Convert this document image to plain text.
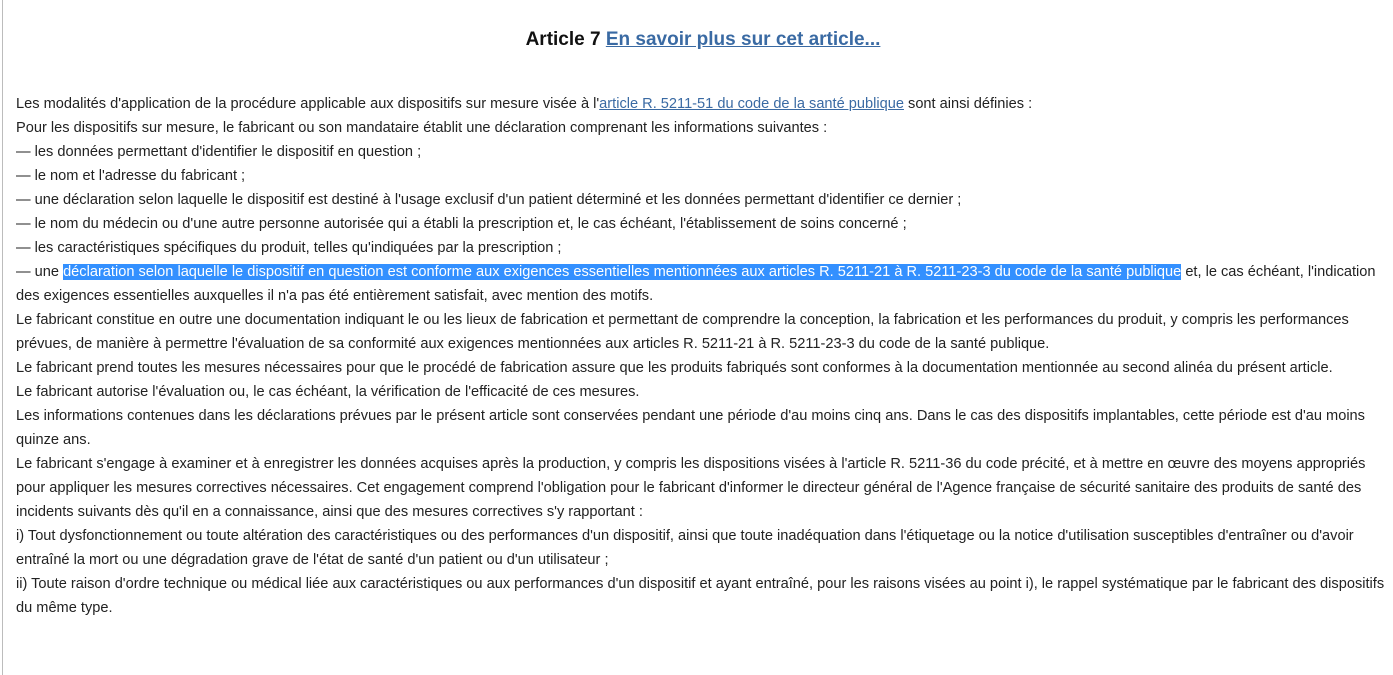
Article 7 En savoir plus sur cet article...

Les modalités d'application de la procédure applicable aux dispositifs sur mesure visée à l'article R. 5211-51 du code de la santé publique sont ainsi définies :

Pour les dispositifs sur mesure, le fabricant ou son mandataire établit une déclaration comprenant les informations suivantes :

— les données permettant d'identifier le dispositif en question ;

— le nom et l'adresse du fabricant ;

— une déclaration selon laquelle le dispositif est destiné à l'usage exclusif d'un patient déterminé et les données permettant d'identifier ce dernier ;

— le nom du médecin ou d'une autre personne autorisée qui a établi la prescription et, le cas échéant, l'établissement de soins concerné ;

— les caractéristiques spécifiques du produit, telles qu'indiquées par la prescription ;

— une déclaration selon laquelle le dispositif en question est conforme aux exigences essentielles mentionnées aux articles R. 5211-21 à R. 5211-23-3 du code de la santé publique et, le cas échéant, l'indication des exigences essentielles auxquelles il n'a pas été entièrement satisfait, avec mention des motifs.

Le fabricant constitue en outre une documentation indiquant le ou les lieux de fabrication et permettant de comprendre la conception, la fabrication et les performances du produit, y compris les performances prévues, de manière à permettre l'évaluation de sa conformité aux exigences mentionnées aux articles R. 5211-21 à R. 5211-23-3 du code de la santé publique.

Le fabricant prend toutes les mesures nécessaires pour que le procédé de fabrication assure que les produits fabriqués sont conformes à la documentation mentionnée au second alinéa du présent article.

Le fabricant autorise l'évaluation ou, le cas échéant, la vérification de l'efficacité de ces mesures.

Les informations contenues dans les déclarations prévues par le présent article sont conservées pendant une période d'au moins cinq ans. Dans le cas des dispositifs implantables, cette période est d'au moins quinze ans.

Le fabricant s'engage à examiner et à enregistrer les données acquises après la production, y compris les dispositions visées à l'article R. 5211-36 du code précité, et à mettre en œuvre des moyens appropriés pour appliquer les mesures correctives nécessaires. Cet engagement comprend l'obligation pour le fabricant d'informer le directeur général de l'Agence française de sécurité sanitaire des produits de santé des incidents suivants dès qu'il en a connaissance, ainsi que des mesures correctives s'y rapportant :

i) Tout dysfonctionnement ou toute altération des caractéristiques ou des performances d'un dispositif, ainsi que toute inadéquation dans l'étiquetage ou la notice d'utilisation susceptibles d'entraîner ou d'avoir entraîné la mort ou une dégradation grave de l'état de santé d'un patient ou d'un utilisateur ;

ii) Toute raison d'ordre technique ou médical liée aux caractéristiques ou aux performances d'un dispositif et ayant entraîné, pour les raisons visées au point i), le rappel systématique par le fabricant des dispositifs du même type.
